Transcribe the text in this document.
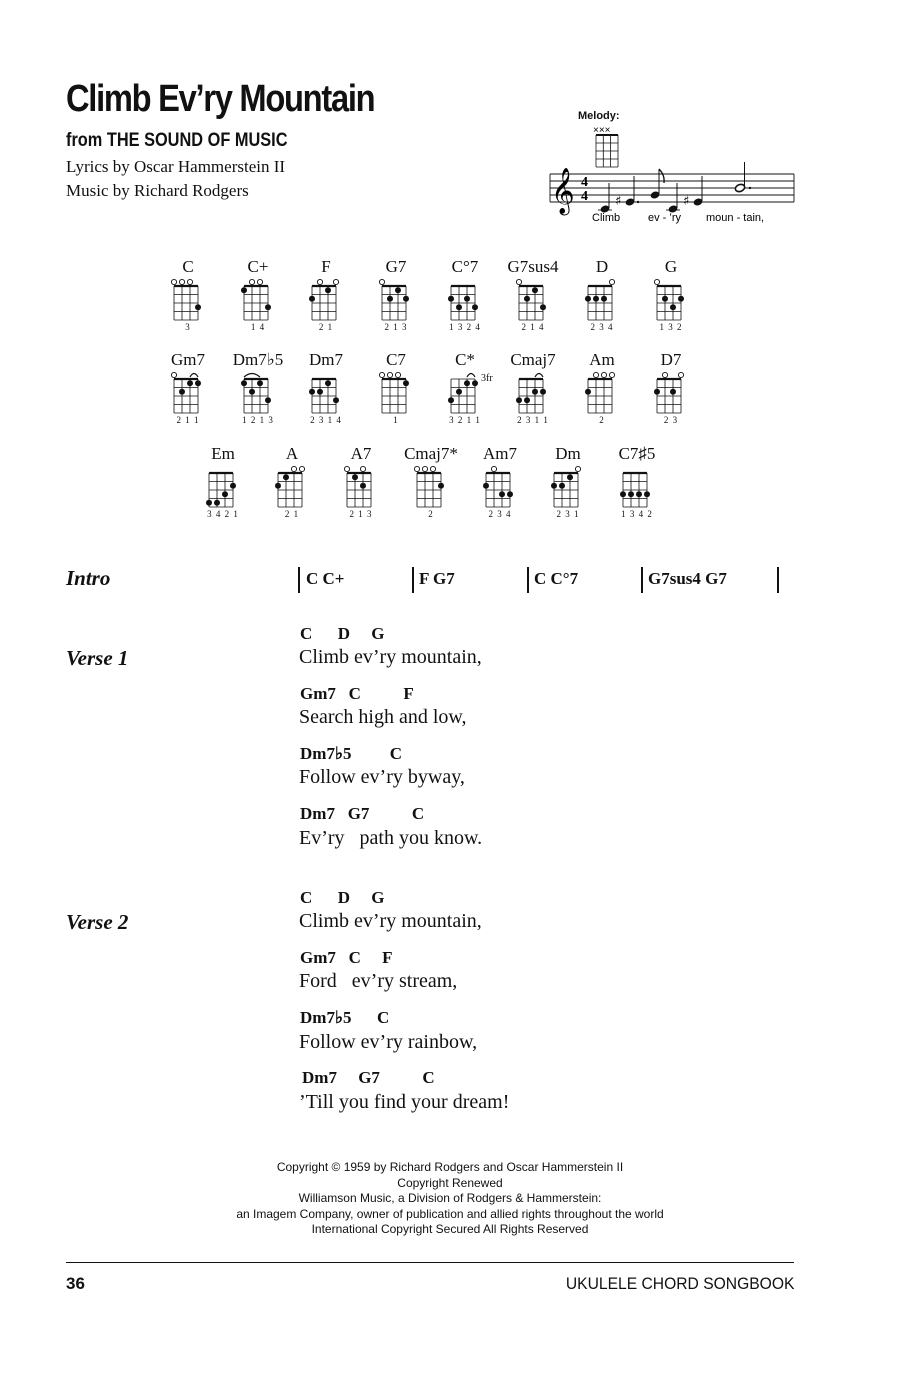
Climb Ev’ry Mountain
from THE SOUND OF MUSIC
Lyrics by Oscar Hammerstein II
Music by Richard Rodgers
Melody:
×××
𝄞 4
4 ♯	♯
Climb	ev - ’ry moun - tain,
C
3
C+
1 4
F
2 1
G7
2 1 3
C°7
1 3 2 4
G7sus4
2 1 4
D
2 3 4
G
1 3 2
Gm7
2 1 1
Dm7♭5
1 2 1 3
Dm7
2 3 1 4
C7
1
C*
3fr
3 2 1 1
Cmaj7
2 3 1 1
Am
2
D7
2 3
Em
3 4 2 1
A
2 1
A7
2 1 3
Cmaj7*
2
Am7
2 3 4
Dm
2 3 1
C7♯5
1 3 4 2
Intro	C C+	F G7	C C°7	G7sus4 G7
Verse 1
C      D     G
Climb ev’ry mountain,
Gm7   C          F
Search high and low,
Dm7♭5         C
Follow ev’ry byway,
Dm7   G7          C
Ev’ry   path you know.
Verse 2
C      D     G
Climb ev’ry mountain,
Gm7   C     F
Ford   ev’ry stream,
Dm7♭5      C
Follow ev’ry rainbow,
Dm7     G7          C
’Till you find your dream!
Copyright © 1959 by Richard Rodgers and Oscar Hammerstein II
Copyright Renewed
Williamson Music, a Division of Rodgers & Hammerstein:
an Imagem Company, owner of publication and allied rights throughout the world
International Copyright Secured All Rights Reserved
36	UKULELE CHORD SONGBOOK
